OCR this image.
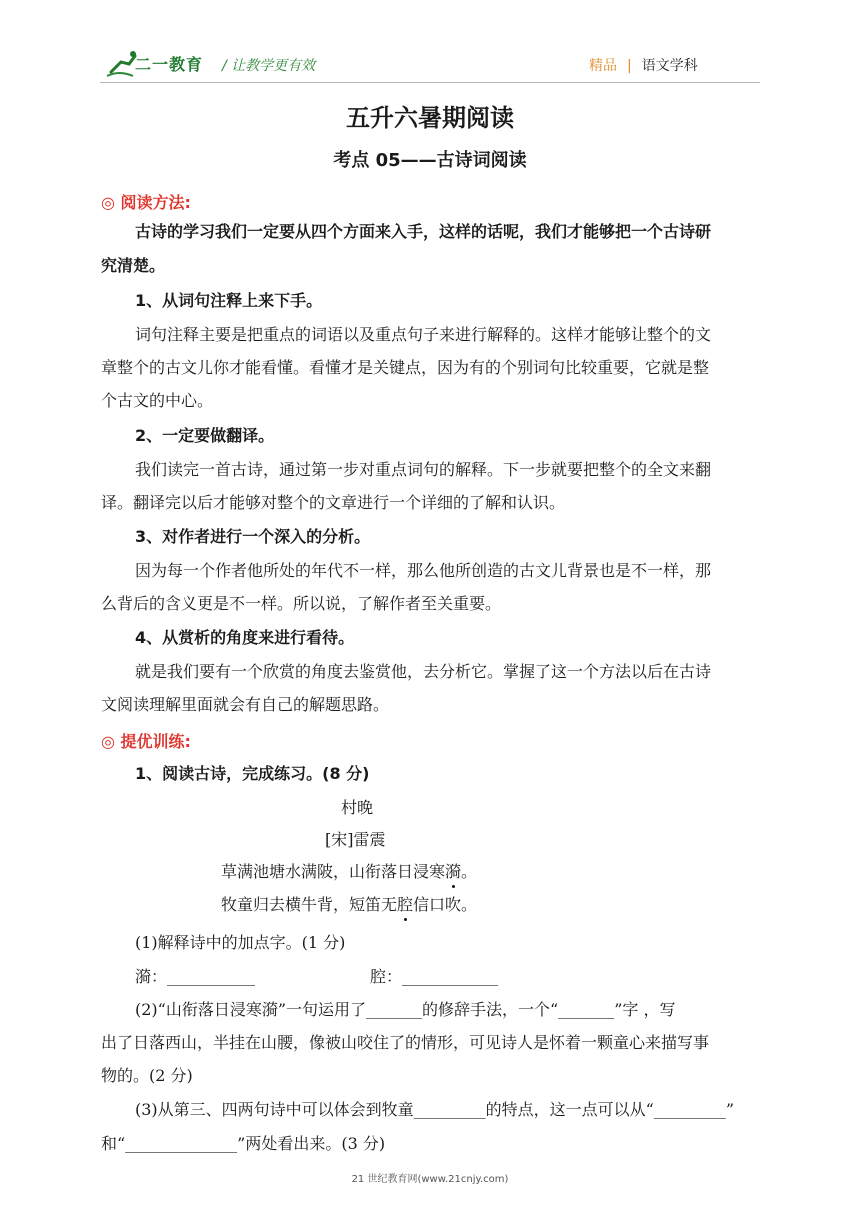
二一教育 / 让教学更有效	精品 | 语文学科
五升六暑期阅读
考点 05——古诗词阅读
◎ 阅读方法:
古诗的学习我们一定要从四个方面来入手，这样的话呢，我们才能够把一个古诗研
究清楚。
1、从词句注释上来下手。
词句注释主要是把重点的词语以及重点句子来进行解释的。这样才能够让整个的文
章整个的古文儿你才能看懂。看懂才是关键点，因为有的个别词句比较重要，它就是整
个古文的中心。
2、一定要做翻译。
我们读完一首古诗，通过第一步对重点词句的解释。下一步就要把整个的全文来翻
译。翻译完以后才能够对整个的文章进行一个详细的了解和认识。
3、对作者进行一个深入的分析。
因为每一个作者他所处的年代不一样，那么他所创造的古文儿背景也是不一样，那
么背后的含义更是不一样。所以说，了解作者至关重要。
4、从赏析的角度来进行看待。
就是我们要有一个欣赏的角度去鉴赏他，去分析它。掌握了这一个方法以后在古诗
文阅读理解里面就会有自己的解题思路。
◎ 提优训练:
1、阅读古诗，完成练习。(8 分)
村晚
[宋]雷震
草满池塘水满陂，山衔落日浸寒漪。
牧童归去横牛背，短笛无腔信口吹。
(1)解释诗中的加点字。(1 分)
漪：___________	腔：____________
(2)“山衔落日浸寒漪”一句运用了_______的修辞手法，一个“_______”字 ，写
出了日落西山，半挂在山腰，像被山咬住了的情形，可见诗人是怀着一颗童心来描写事
物的。(2 分)
(3)从第三、四两句诗中可以体会到牧童_________的特点，这一点可以从“_________”
和“______________”两处看出来。(3 分)
21 世纪教育网(www.21cnjy.com)
